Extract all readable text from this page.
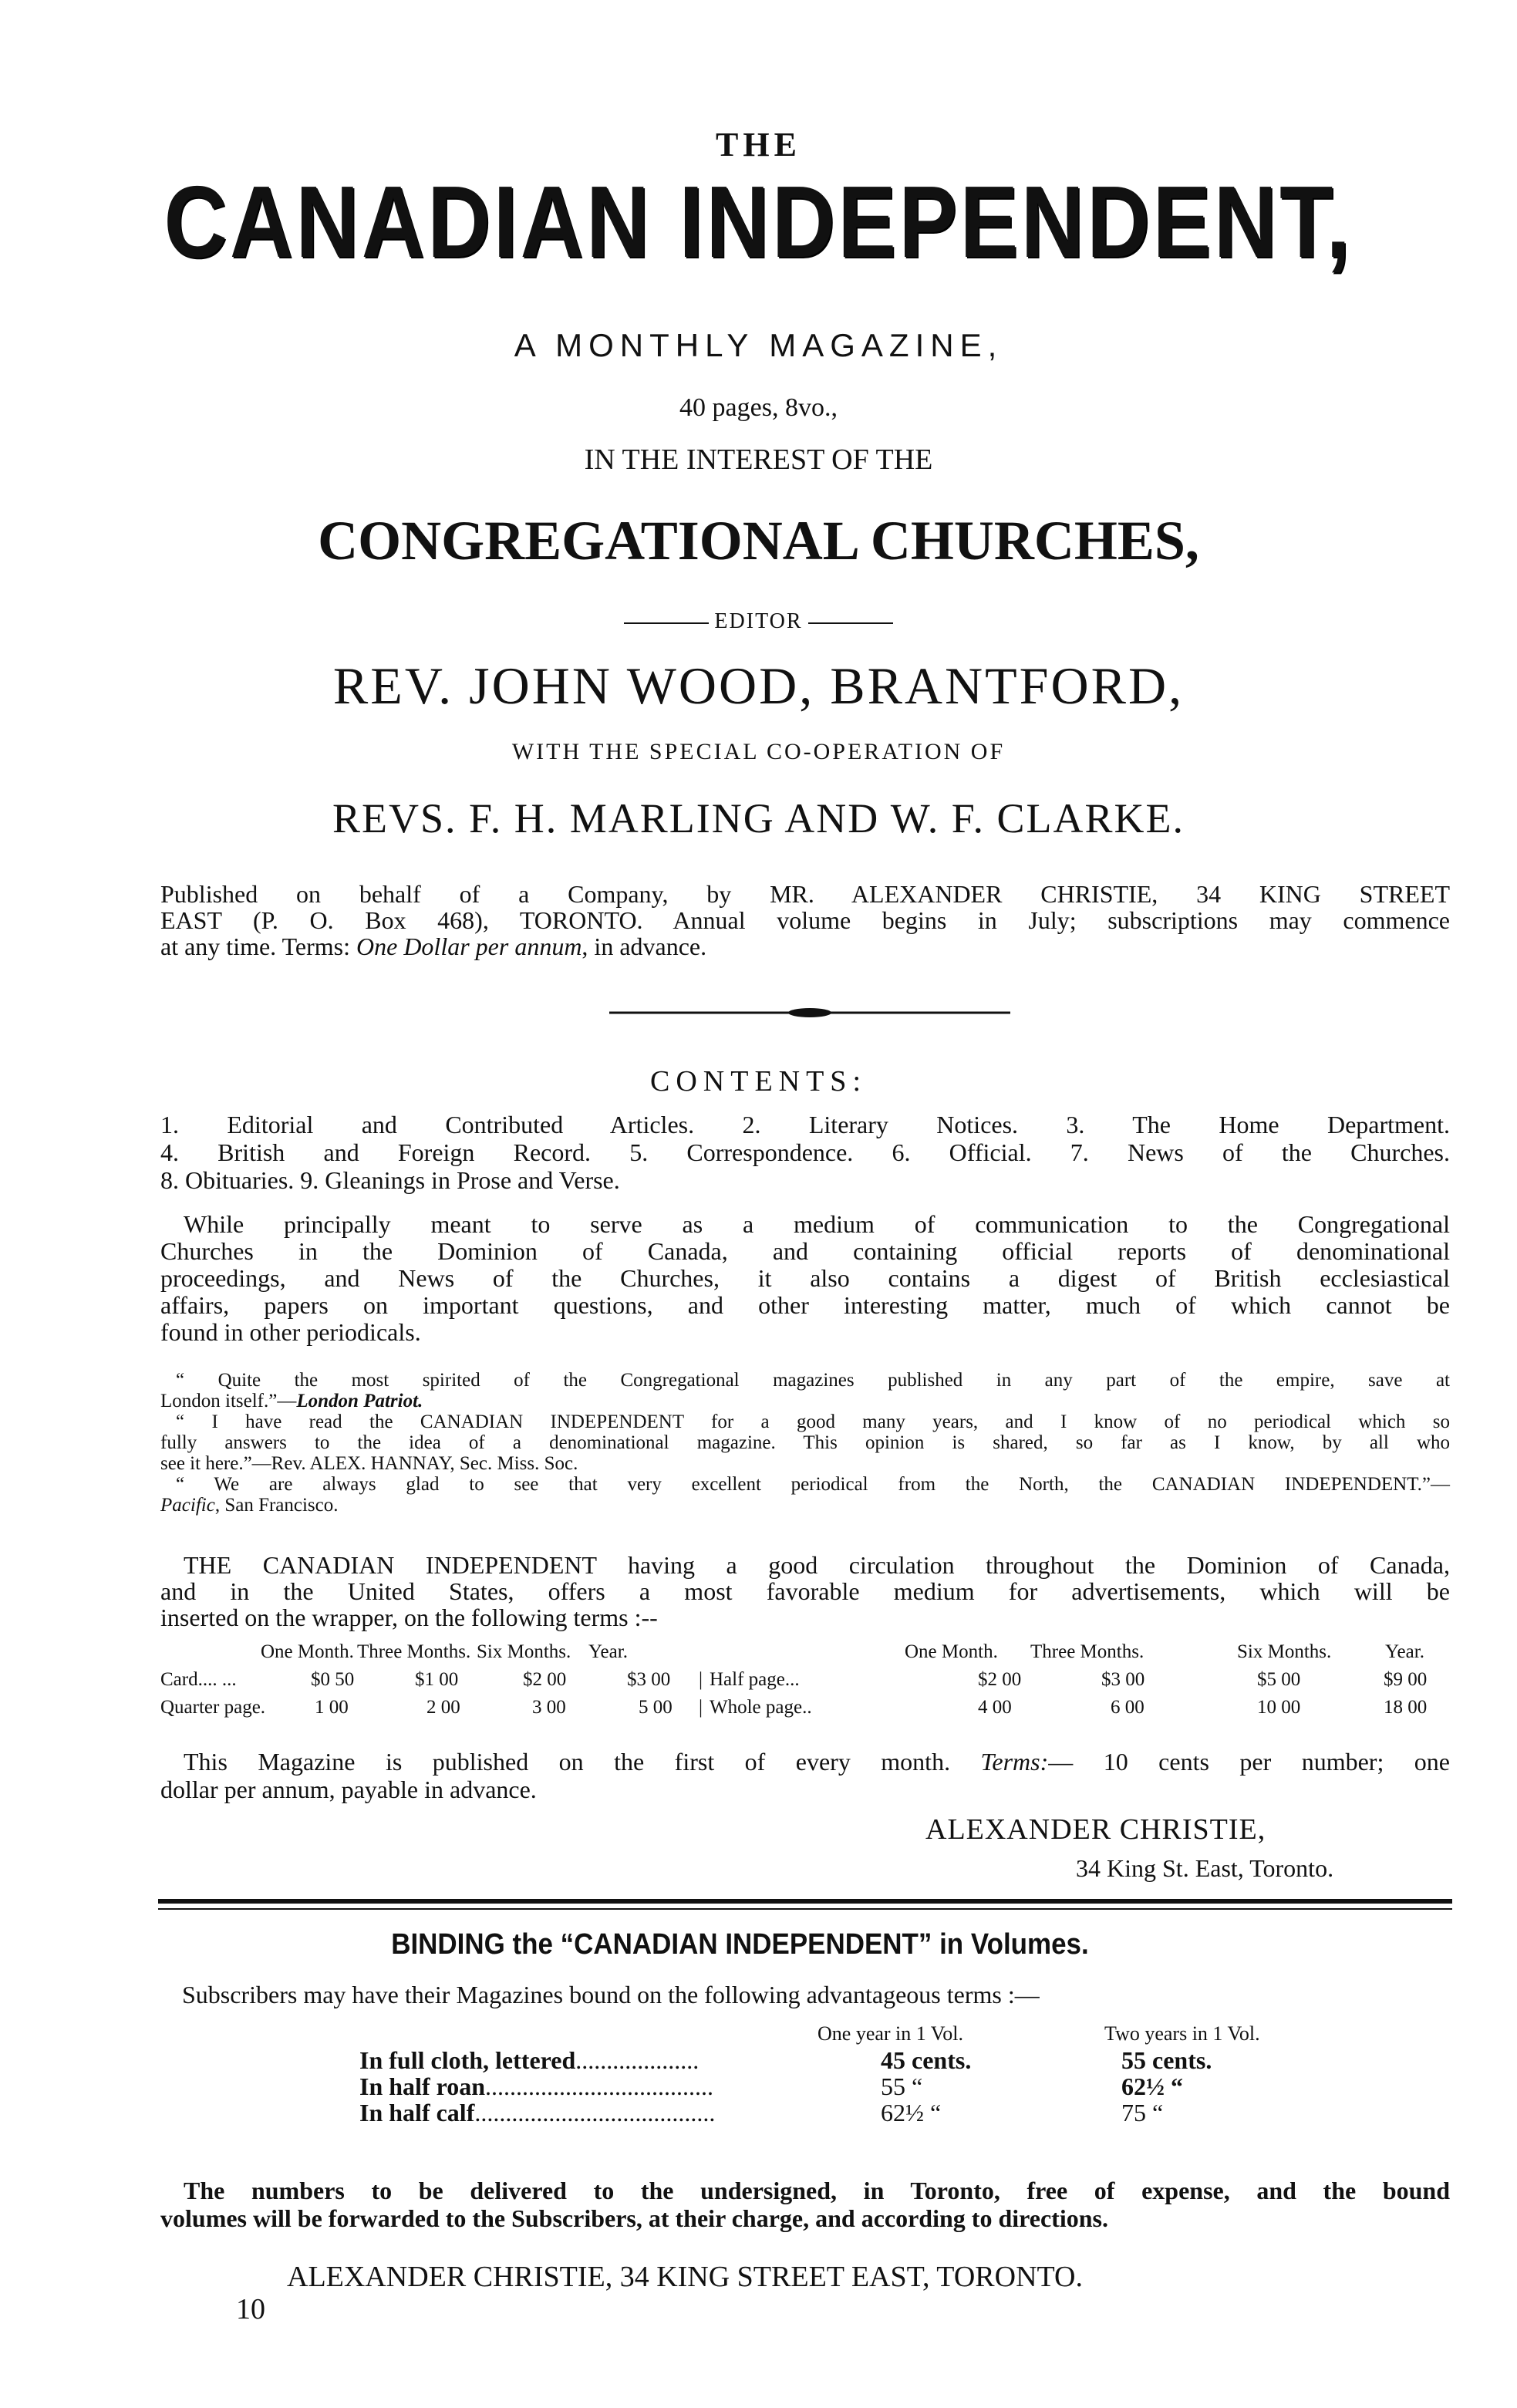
THE
CANADIAN INDEPENDENT,
A MONTHLY MAGAZINE,
40 pages, 8vo.,
IN THE INTEREST OF THE
CONGREGATIONAL CHURCHES,
EDITOR
REV. JOHN WOOD, BRANTFORD,
WITH THE SPECIAL CO-OPERATION OF
REVS. F. H. MARLING AND W. F. CLARKE.
Published on behalf of a Company, by MR. ALEXANDER CHRISTIE, 34 KING STREET
EAST (P. O. Box 468), TORONTO. Annual volume begins in July; subscriptions may commence
at any time. Terms: One Dollar per annum, in advance.
CONTENTS:
1. Editorial and Contributed Articles. 2. Literary Notices. 3. The Home Department.
4. British and Foreign Record. 5. Correspondence. 6. Official. 7. News of the Churches.
8. Obituaries. 9. Gleanings in Prose and Verse.
While principally meant to serve as a medium of communication to the Congregational
Churches in the Dominion of Canada, and containing official reports of denominational
proceedings, and News of the Churches, it also contains a digest of British ecclesiastical
affairs, papers on important questions, and other interesting matter, much of which cannot be
found in other periodicals.
“ Quite the most spirited of the Congregational magazines published in any part of the empire, save at
London itself.”—London Patriot.
“ I have read the CANADIAN INDEPENDENT for a good many years, and I know of no periodical which so
fully answers to the idea of a denominational magazine. This opinion is shared, so far as I know, by all who
see it here.”—Rev. ALEX. HANNAY, Sec. Miss. Soc.
“ We are always glad to see that very excellent periodical from the North, the CANADIAN INDEPENDENT.”—
Pacific, San Francisco.
THE CANADIAN INDEPENDENT having a good circulation throughout the Dominion of Canada,
and in the United States, offers a most favorable medium for advertisements, which will be
inserted on the wrapper, on the following terms :--
One Month. Three Months. Six Months. Year.	One Month. Three Months.	Six Months.	Year.
Card.... ...	$0 50	$1 00	$2 00	$3 00 | Half page...	$2 00	$3 00	$5 00	$9 00
Quarter page.	1 00	2 00	3 00	5 00 | Whole page..	4 00	6 00	10 00	18 00
This Magazine is published on the first of every month. Terms:— 10 cents per number; one
dollar per annum, payable in advance.
ALEXANDER CHRISTIE,
34 King St. East, Toronto.
BINDING the “CANADIAN INDEPENDENT” in Volumes.
Subscribers may have their Magazines bound on the following advantageous terms :—
One year in 1 Vol.	Two years in 1 Vol.
In full cloth, lettered....................	45 cents.	55 cents.
In half roan.....................................	55 “	62½ “
In half calf.......................................	62½ “	75 “
The numbers to be delivered to the undersigned, in Toronto, free of expense, and the bound
volumes will be forwarded to the Subscribers, at their charge, and according to directions.
ALEXANDER CHRISTIE, 34 KING STREET EAST, TORONTO.
10
